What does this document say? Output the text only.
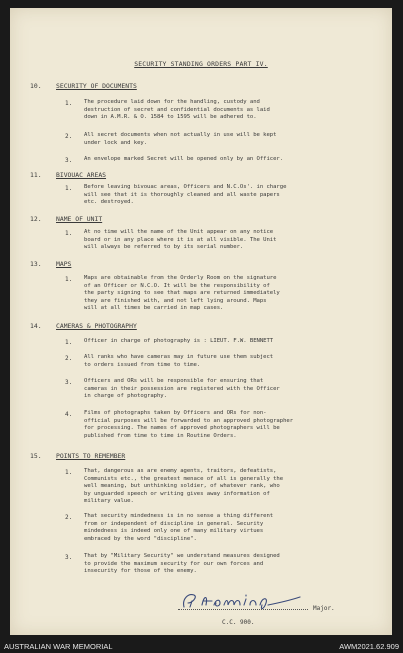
SECURITY STANDING ORDERS PART IV.
10. SECURITY OF DOCUMENTS
1. The procedure laid down for the handling, custody and
destruction of secret and confidential documents as laid
down in A.M.R. & O. 1584 to 1595 will be adhered to.
2. All secret documents when not actually in use will be kept
under lock and key.
3. An envelope marked Secret will be opened only by an Officer.
11. BIVOUAC AREAS
1. Before leaving bivouac areas, Officers and N.C.Os'. in charge
will see that it is thoroughly cleaned and all waste papers
etc. destroyed.
12. NAME OF UNIT
1. At no time will the name of the Unit appear on any notice
board or in any place where it is at all visible. The Unit
will always be referred to by its serial number.
13. MAPS
1. Maps are obtainable from the Orderly Room on the signature
of an Officer or N.C.O. It will be the responsibility of
the party signing to see that maps are returned immediately
they are finished with, and not left lying around. Maps
will at all times be carried in map cases.
14. CAMERAS & PHOTOGRAPHY
1. Officer in charge of photography is : LIEUT. F.W. BENNETT
2. All ranks who have cameras may in future use them subject
to orders issued from time to time.
3. Officers and ORs will be responsible for ensuring that
cameras in their possession are registered with the Officer
in charge of photography.
4. Films of photographs taken by Officers and ORs for non-
official purposes will be forwarded to an approved photographer
for processing. The names of approved photographers will be
published from time to time in Routine Orders.
15. POINTS TO REMEMBER
1. That, dangerous as are enemy agents, traitors, defeatists,
Communists etc., the greatest menace of all is generally the
well meaning, but unthinking soldier, of whatever rank, who
by unguarded speech or writing gives away information of
military value.
2. That security mindedness is in no sense a thing different
from or independent of discipline in general. Security
mindedness is indeed only one of many military virtues
embraced by the word "discipline".
3. That by "Military Security" we understand measures designed
to provide the maximum security for our own forces and
insecurity for those of the enemy.
Major.
C.C. 900.
AUSTRALIAN WAR MEMORIAL	AWM2021.62.909
